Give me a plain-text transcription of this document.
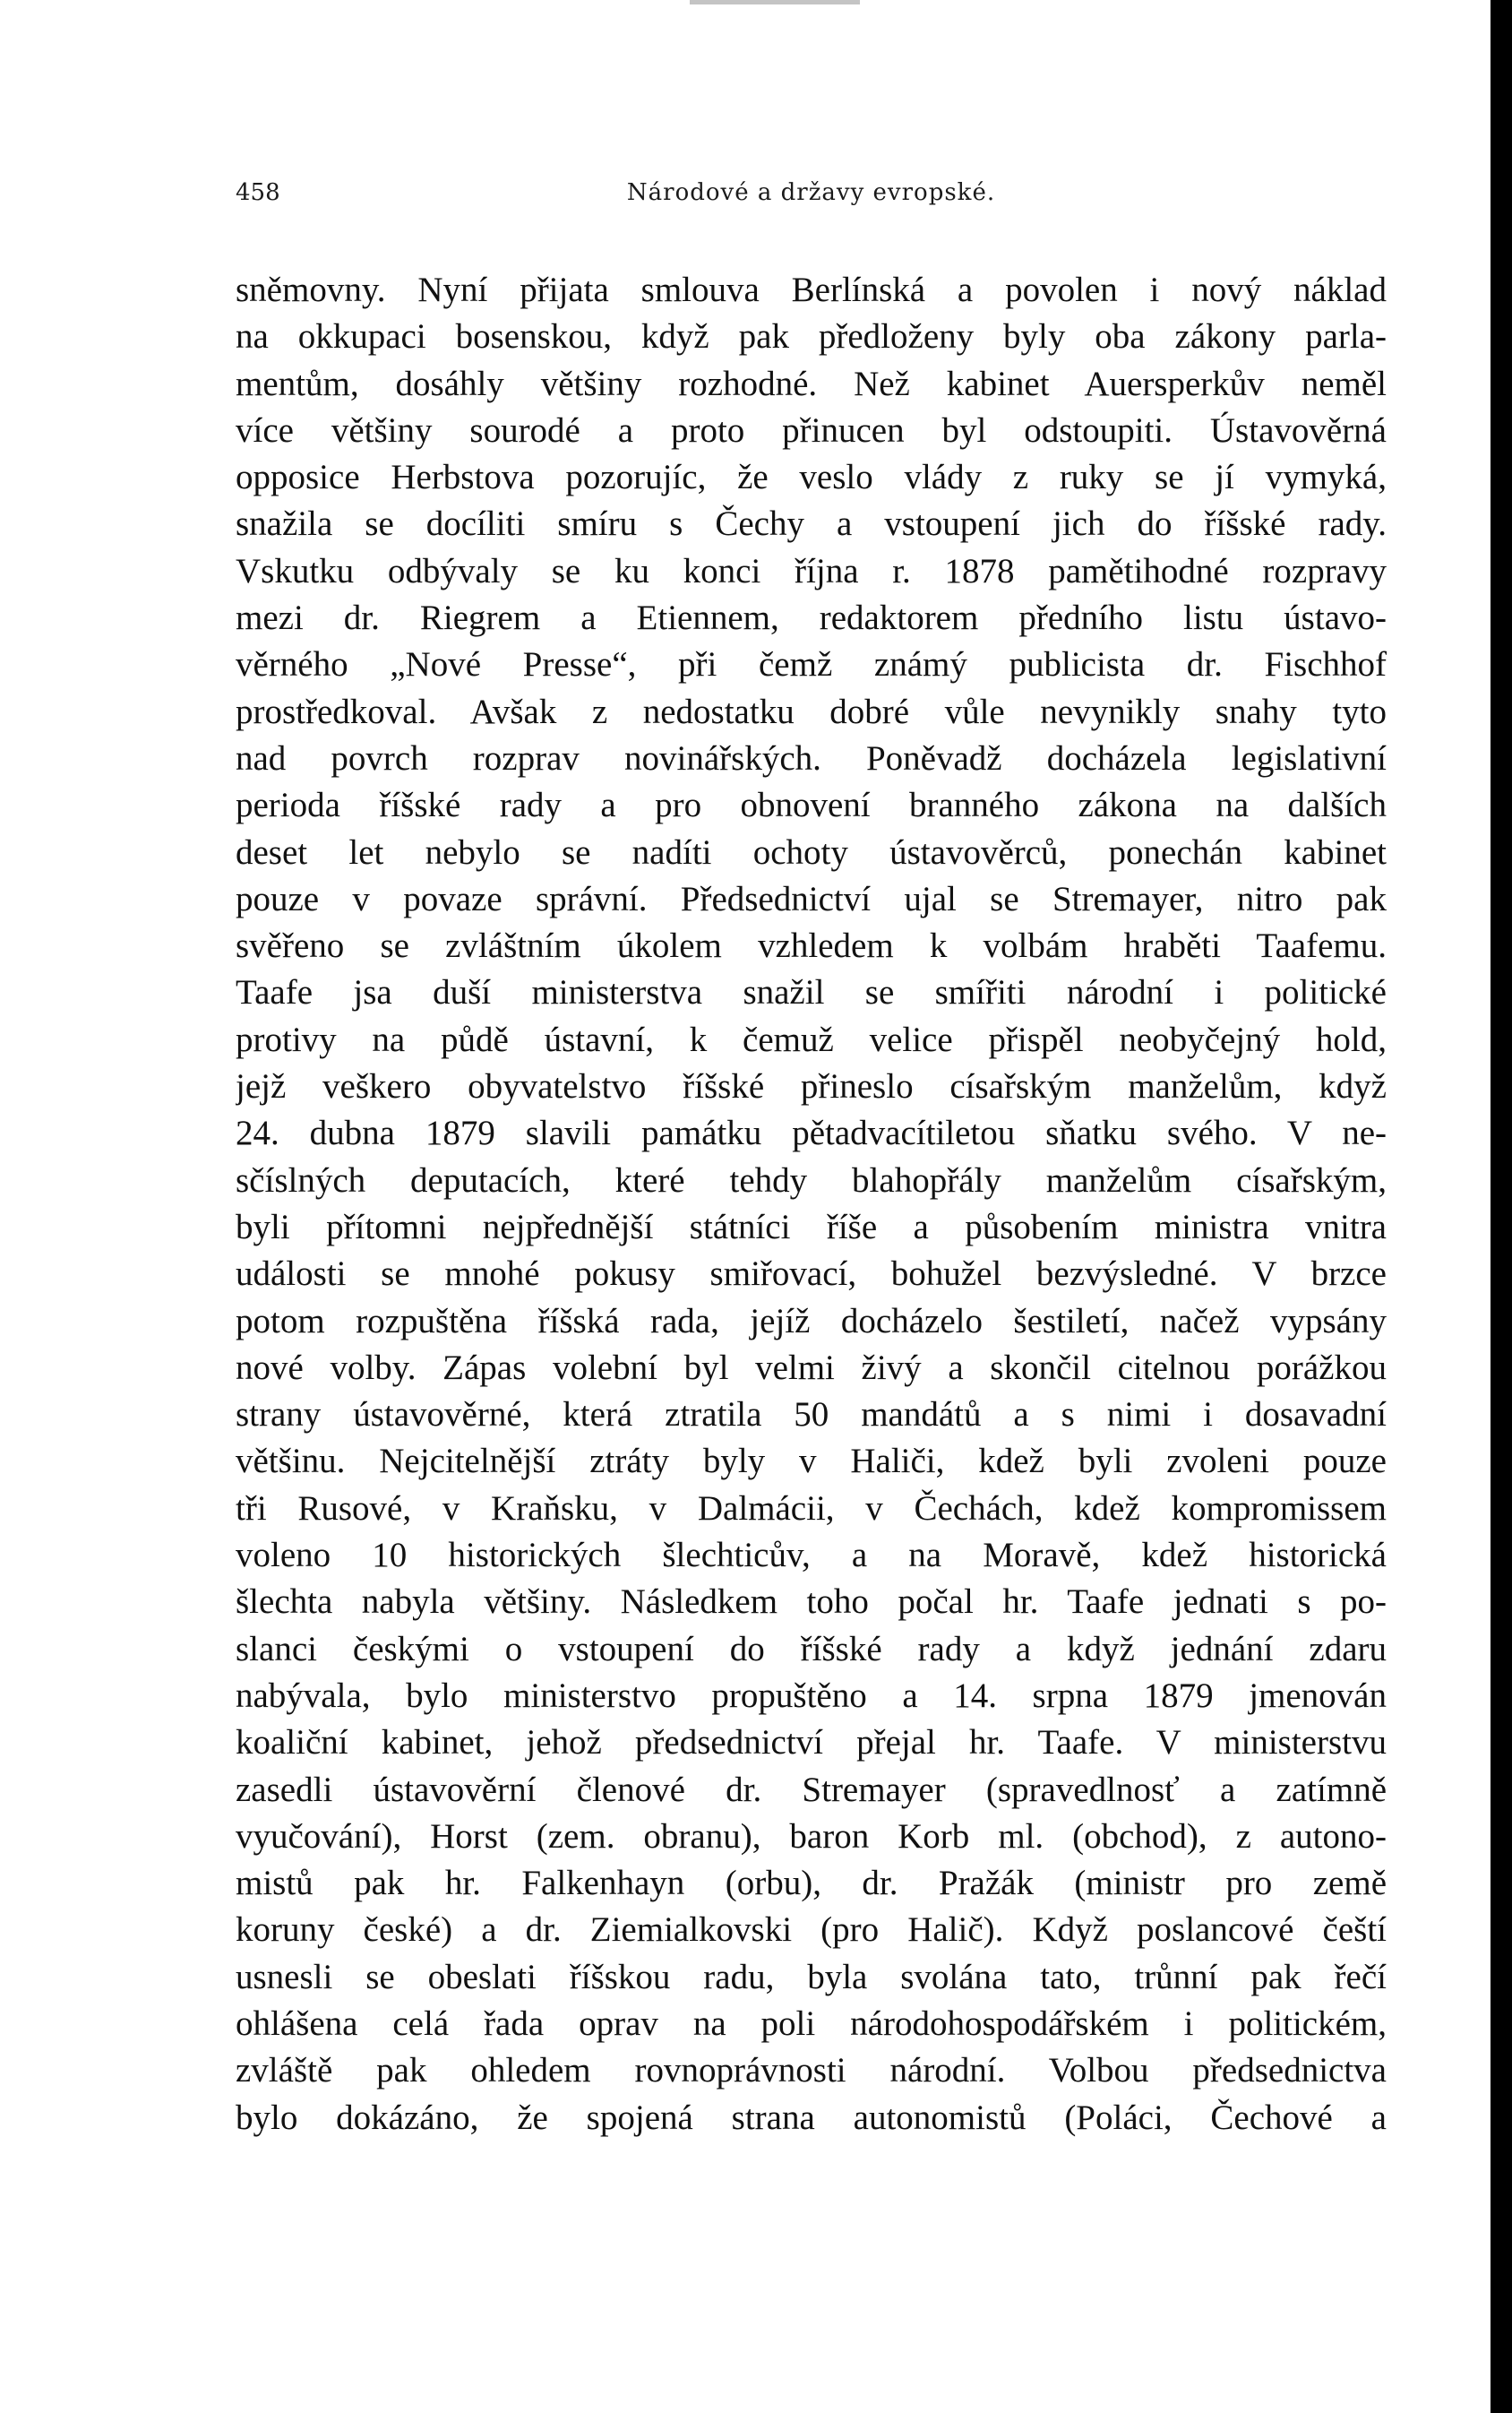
458	Národové a državy evropské.
sněmovny. Nyní přijata smlouva Berlínská a povolen i nový náklad
na okkupaci bosenskou, když pak předloženy byly oba zákony parla-
mentům, dosáhly většiny rozhodné. Než kabinet Auersperkův neměl
více většiny sourodé a proto přinucen byl odstoupiti. Ústavověrná
opposice Herbstova pozorujíc, že veslo vlády z ruky se jí vymyká,
snažila se docíliti smíru s Čechy a vstoupení jich do říšské rady.
Vskutku odbývaly se ku konci října r. 1878 pamětihodné rozpravy
mezi dr. Riegrem a Etiennem, redaktorem předního listu ústavo-
věrného „Nové Presse“, při čemž známý publicista dr. Fischhof
prostředkoval. Avšak z nedostatku dobré vůle nevynikly snahy tyto
nad povrch rozprav novinářských. Poněvadž docházela legislativní
perioda říšské rady a pro obnovení branného zákona na dalších
deset let nebylo se nadíti ochoty ústavověrců, ponechán kabinet
pouze v povaze správní. Předsednictví ujal se Stremayer, nitro pak
svěřeno se zvláštním úkolem vzhledem k volbám hraběti Taafemu.
Taafe jsa duší ministerstva snažil se smířiti národní i politické
protivy na půdě ústavní, k čemuž velice přispěl neobyčejný hold,
jejž veškero obyvatelstvo říšské přineslo císařským manželům, když
24. dubna 1879 slavili památku pětadvacítiletou sňatku svého. V ne-
sčíslných deputacích, které tehdy blahopřály manželům císařským,
byli přítomni nejpřednější státníci říše a působením ministra vnitra
události se mnohé pokusy smiřovací, bohužel bezvýsledné. V brzce
potom rozpuštěna říšská rada, jejíž docházelo šestiletí, načež vypsány
nové volby. Zápas volební byl velmi živý a skončil citelnou porážkou
strany ústavověrné, která ztratila 50 mandátů a s nimi i dosavadní
většinu. Nejcitelnější ztráty byly v Haliči, kdež byli zvoleni pouze
tři Rusové, v Kraňsku, v Dalmácii, v Čechách, kdež kompromissem
voleno 10 historických šlechticův, a na Moravě, kdež historická
šlechta nabyla většiny. Následkem toho počal hr. Taafe jednati s po-
slanci českými o vstoupení do říšské rady a když jednání zdaru
nabývala, bylo ministerstvo propuštěno a 14. srpna 1879 jmenován
koaliční kabinet, jehož předsednictví přejal hr. Taafe. V ministerstvu
zasedli ústavověrní členové dr. Stremayer (spravedlnosť a zatímně
vyučování), Horst (zem. obranu), baron Korb ml. (obchod), z autono-
mistů pak hr. Falkenhayn (orbu), dr. Pražák (ministr pro země
koruny české) a dr. Ziemialkovski (pro Halič). Když poslancové čeští
usnesli se obeslati říšskou radu, byla svolána tato, trůnní pak řečí
ohlášena celá řada oprav na poli národohospodářském i politickém,
zvláště pak ohledem rovnoprávnosti národní. Volbou předsednictva
bylo dokázáno, že spojená strana autonomistů (Poláci, Čechové a
